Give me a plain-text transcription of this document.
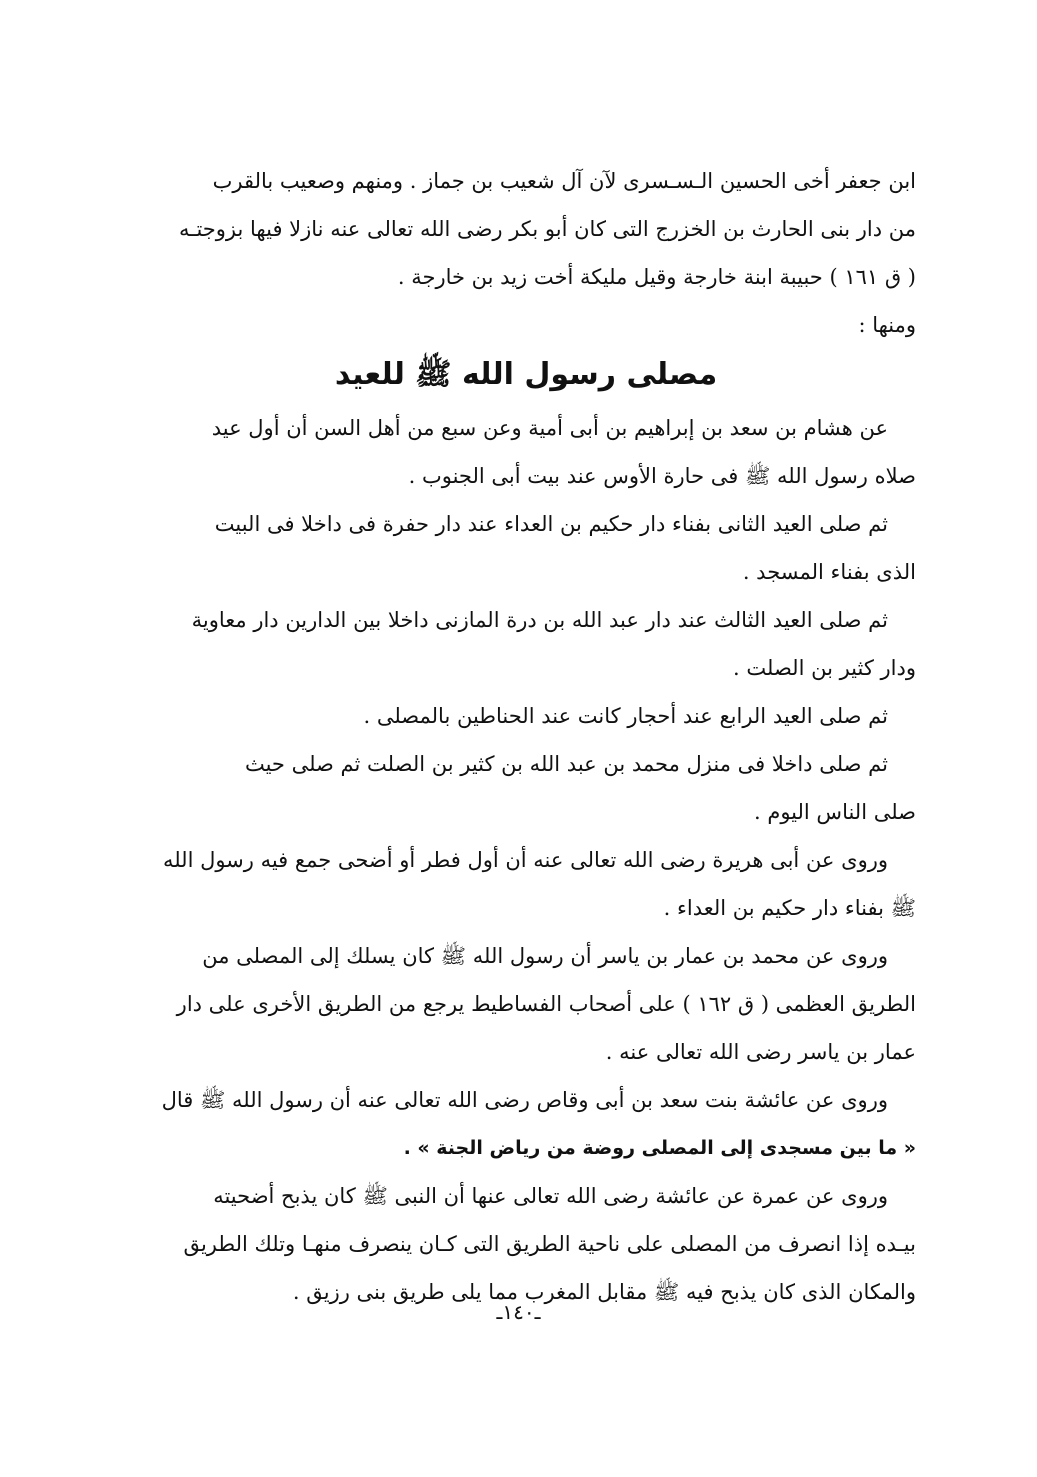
ابن جعفر أخى الحسين الـسـسرى لآن آل شعيب بن جماز . ومنهم وصعيب بالقرب
من دار بنى الحارث بن الخزرج التى كان أبو بكر رضى الله تعالى عنه نازلا فيها بزوجتـه
( ق ١٦١ ) حبيبة ابنة خارجة وقيل مليكة أخت زيد بن خارجة .
ومنها :
مصلى رسول الله ﷺ للعيد
عن هشام بن سعد بن إبراهيم بن أبى أمية وعن سبع من أهل السن أن أول عيد
صلاه رسول الله ﷺ فى حارة الأوس عند بيت أبى الجنوب .
ثم صلى العيد الثانى بفناء دار حكيم بن العداء عند دار حفرة فى داخلا فى البيت
الذى بفناء المسجد .
ثم صلى العيد الثالث عند دار عبد الله بن درة المازنى داخلا بين الدارين دار معاوية
ودار كثير بن الصلت .
ثم صلى العيد الرابع عند أحجار كانت عند الحناطين بالمصلى .
ثم صلى داخلا فى منزل محمد بن عبد الله بن كثير بن الصلت ثم صلى حيث
صلى الناس اليوم .
وروى عن أبى هريرة رضى الله تعالى عنه أن أول فطر أو أضحى جمع فيه رسول الله
ﷺ بفناء دار حكيم بن العداء .
وروى عن محمد بن عمار بن ياسر أن رسول الله ﷺ كان يسلك إلى المصلى من
الطريق العظمى ( ق ١٦٢ ) على أصحاب الفساطيط يرجع من الطريق الأخرى على دار
عمار بن ياسر رضى الله تعالى عنه .
وروى عن عائشة بنت سعد بن أبى وقاص رضى الله تعالى عنه أن رسول الله ﷺ قال
« ما بين مسجدى إلى المصلى روضة من رياض الجنة » .
وروى عن عمرة عن عائشة رضى الله تعالى عنها أن النبى ﷺ كان يذبح أضحيته
بيـده إذا انصرف من المصلى على ناحية الطريق التى كـان ينصرف منهـا وتلك الطريق
والمكان الذى كان يذبح فيه ﷺ مقابل المغرب مما يلى طريق بنى رزيق .
ـ١٤٠ـ
